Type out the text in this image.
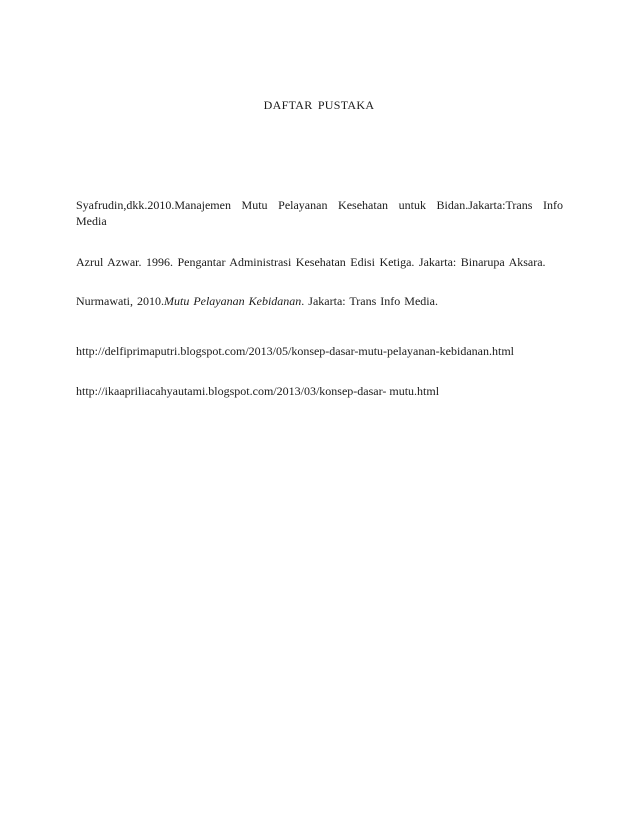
DAFTAR PUSTAKA
Syafrudin,dkk.2010.Manajemen Mutu Pelayanan Kesehatan untuk Bidan.Jakarta:Trans Info Media
Azrul Azwar. 1996. Pengantar Administrasi Kesehatan Edisi Ketiga. Jakarta: Binarupa Aksara.
Nurmawati, 2010.Mutu Pelayanan Kebidanan. Jakarta: Trans Info Media.
http://delfiprimaputri.blogspot.com/2013/05/konsep-dasar-mutu-pelayanan-kebidanan.html
http://ikaapriliacahyautami.blogspot.com/2013/03/konsep-dasar- mutu.html
